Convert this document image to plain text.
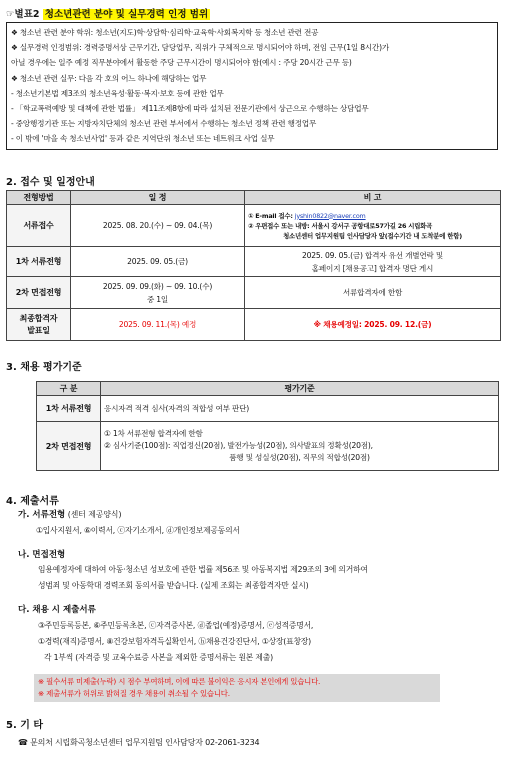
☞별표2 청소년관련 분야 및 실무경력 인정 범위
❖ 청소년 관련 분야 학위: 청소년(지도)학·상담학·심리학·교육학·사회복지학 등 청소년 관련 전공
❖ 실무경력 인정범위: 경력증명서상 근무기간, 담당업무, 직위가 구체적으로 명시되어야 하며, 전임 근무(1일 8시간)가
아닐 경우에는 일주 예정 직무분야에서 활동한 주당 근무시간이 명시되어야 함(예시 : 주당 20시간 근무 등)
❖ 청소년 관련 실무: 다음 각 호의 어느 하나에 해당하는 업무
- 청소년기본법 제3조의 청소년육성·활동·복지·보호 등에 관한 업무
- 「학교폭력예방 및 대책에 관한 법률」 제11조제8항에 따라 설치된 전문기관에서 상근으로 수행하는 상담업무
- 중앙행정기관 또는 지방자치단체의 청소년 관련 부서에서 수행하는 청소년 정책 관련 행정업무
- 이 밖에 '마을 속 청소년사업' 등과 같은 지역단위 청소년 또는 네트워크 사업 실무
2. 접수 및 일정안내
전형방법	일 정	비 고
서류접수	2025. 08. 20.(수) ~ 09. 04.(목)	① E-mail 접수: jyshin0822@naver.com
② 우편접수 또는 내방: 서울시 강서구 공항대로57가길 26 시립화곡
청소년센터 업무지원팀 인사담당자 앞(접수기간 내 도착분에 한함)

1차 서류전형	2025. 09. 05.(금)	2025. 09. 05.(금) 합격자 유선 개별연락 및
홈페이지 [채용공고] 합격자 명단 게시

2차 면접전형	2025. 09. 09.(화) ~ 09. 10.(수)
중 1일	서류합격자에 한함

최종합격자
발표일	2025. 09. 11.(목) 예정	※ 채용예정일: 2025. 09. 12.(금)
3. 채용 평가기준
구 분	평가기준
1차 서류전형	응시자격 적격 심사(자격의 적합성 여부 판단)
2차 면접전형	① 1차 서류전형 합격자에 한함
② 심사기준(100점): 직업정신(20점), 발전가능성(20점), 의사발표의 정확성(20점),
품행 및 성실성(20점), 직무의 적합성(20점)
4. 제출서류
가. 서류전형 (센터 제공양식)
①입사지원서, ⑥이력서, ⓒ자기소개서, ⓓ개인정보제공동의서
나. 면접전형
임용예정자에 대하여 아동·청소년 성보호에 관한 법률 제56조 및 아동복지법 제29조의 3에 의거하여
성범죄 및 아동학대 경력조회 동의서를 받습니다. (실제 조회는 최종합격자만 실시)
다. 채용 시 제출서류
③주민등록등본, ⑥주민등록초본, ⓒ자격증사본, ⓓ졸업(예정)증명서, ⓔ성적증명서,
①경력(재직)증명서, ⑧건강보험자격득실확인서, ⓗ채용건강진단서, ①상장(표창장)
각 1부씩 (자격증 및 교육수료증 사본을 제외한 증명서류는 원본 제출)
※ 필수서류 미제출(누락) 시 점수 부여하며, 이에 따른 불이익은 응시자 본인에게 있습니다.
※ 제출서류가 허위로 밝혀질 경우 채용이 취소될 수 있습니다.
5. 기 타
☎ 문의처 시립화곡청소년센터 업무지원팀 인사담당자 02-2061-3234
